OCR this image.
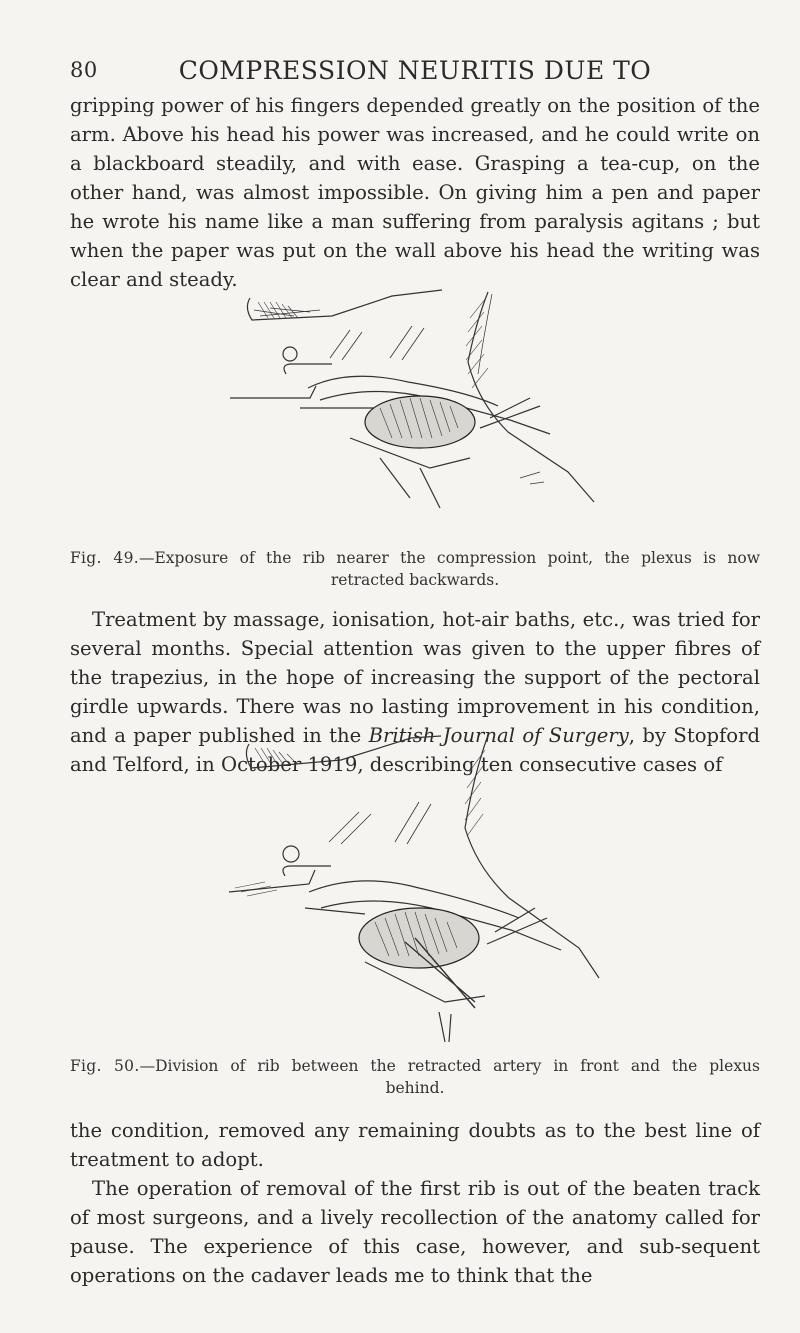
80	COMPRESSION NEURITIS DUE TO

gripping power of his fingers depended greatly on the position of the arm. Above his head his power was increased, and he could write on a blackboard steadily, and with ease. Grasping a tea-cup, on the other hand, was almost impossible. On giving him a pen and paper he wrote his name like a man suffering from paralysis agitans ; but when the paper was put on the wall above his head the writing was clear and steady.

Fig. 49.—Exposure of the rib nearer the compression point, the plexus is now
retracted backwards.

Treatment by massage, ionisation, hot-air baths, etc., was tried for several months. Special attention was given to the upper fibres of the trapezius, in the hope of increasing the support of the pectoral girdle upwards. There was no lasting improvement in his condition, and a paper published in the British Journal of Surgery, by Stopford and Telford, in October 1919, describing ten consecutive cases of

Fig. 50.—Division of rib between the retracted artery in front and the plexus
behind.

the condition, removed any remaining doubts as to the best line of treatment to adopt.

The operation of removal of the first rib is out of the beaten track of most surgeons, and a lively recollection of the anatomy called for pause. The experience of this case, however, and sub-sequent operations on the cadaver leads me to think that the
